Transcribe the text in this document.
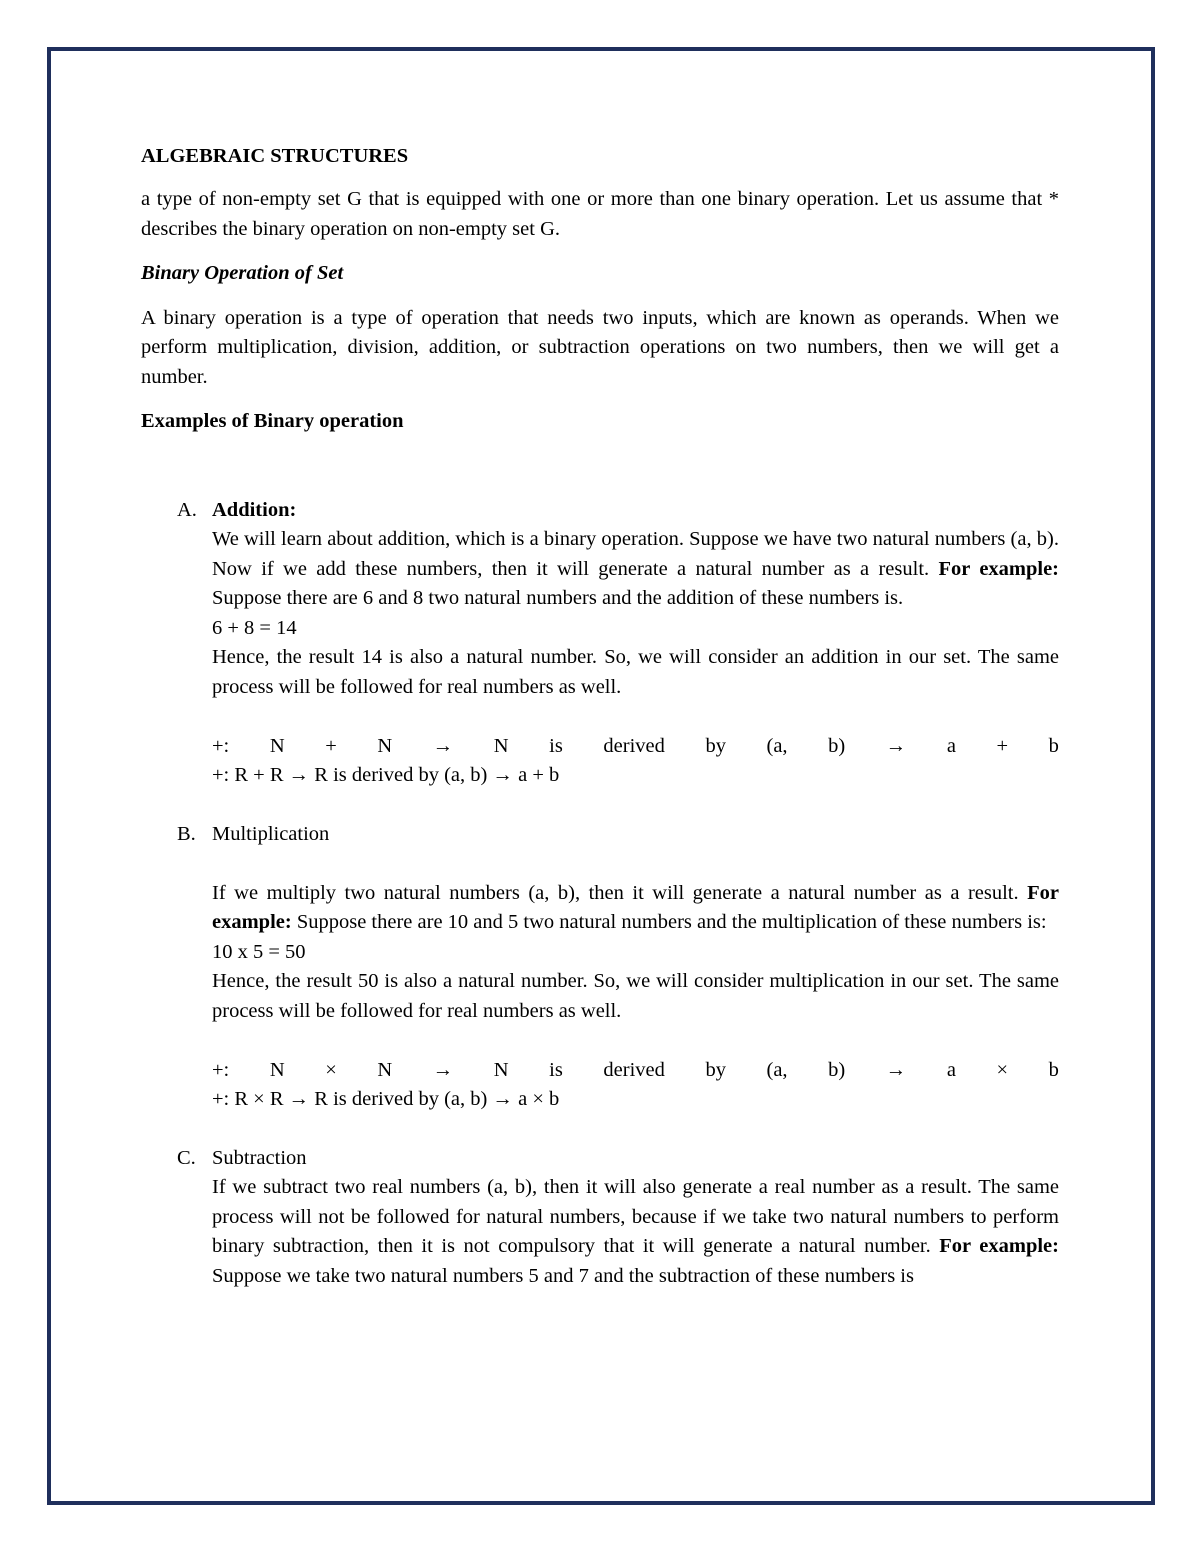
ALGEBRAIC STRUCTURES

a type of non-empty set G that is equipped with one or more than one binary operation. Let us assume that * describes the binary operation on non-empty set G.

Binary Operation of Set

A binary operation is a type of operation that needs two inputs, which are known as operands. When we perform multiplication, division, addition, or subtraction operations on two numbers, then we will get a number.

Examples of Binary operation

A. Addition:

We will learn about addition, which is a binary operation. Suppose we have two natural numbers (a, b). Now if we add these numbers, then it will generate a natural number as a result. For example: Suppose there are 6 and 8 two natural numbers and the addition of these numbers is.

6 + 8 = 14

Hence, the result 14 is also a natural number. So, we will consider an addition in our set. The same process will be followed for real numbers as well.

+: N + N → N is derived by (a, b) → a + b

+: R + R → R is derived by (a, b) → a + b

B. Multiplication

If we multiply two natural numbers (a, b), then it will generate a natural number as a result. For example: Suppose there are 10 and 5 two natural numbers and the multiplication of these numbers is:

10 x 5 = 50

Hence, the result 50 is also a natural number. So, we will consider multiplication in our set. The same process will be followed for real numbers as well.

+: N × N → N is derived by (a, b) → a × b

+: R × R → R is derived by (a, b) → a × b

C. Subtraction

If we subtract two real numbers (a, b), then it will also generate a real number as a result. The same process will not be followed for natural numbers, because if we take two natural numbers to perform binary subtraction, then it is not compulsory that it will generate a natural number. For example: Suppose we take two natural numbers 5 and 7 and the subtraction of these numbers is
